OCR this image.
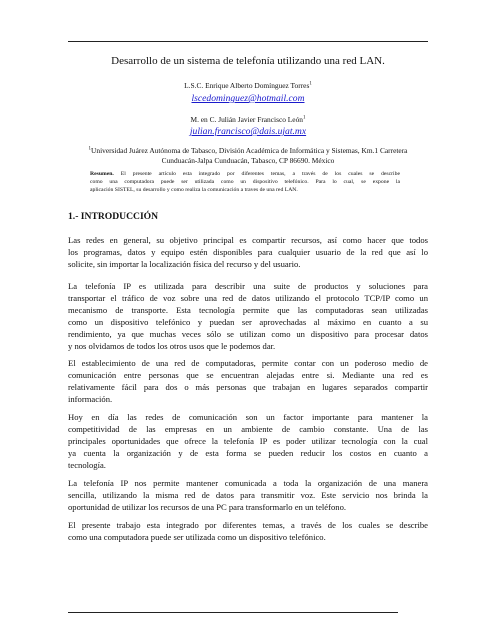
Desarrollo de un sistema de telefonía utilizando una red LAN.
L.S.C. Enrique Alberto Domínguez Torres$^1$
lscedominguez@hotmail.com
M. en C. Julián Javier Francisco León$^1$
julian.francisco@dais.ujat.mx
$^1$Universidad Juárez Autónoma de Tabasco, División Académica de Informática y Sistemas, Km.1 Carretera
Cunduacán-Jalpa Cunduacán, Tabasco, CP 86690. México
Resumen. El presente artículo esta integrado por diferentes temas, a través de los cuales se describe
como una computadora puede ser utilizada como un dispositivo telefónico. Para lo cual, se expone la
aplicación SISTEL, su desarrollo y como realiza la comunicación a traves de una red LAN.
1.- INTRODUCCIÓN
Las redes en general, su objetivo principal es compartir recursos, así como hacer que todos
los programas, datos y equipo estén disponibles para cualquier usuario de la red que así lo
solicite, sin importar la localización física del recurso y del usuario.
La telefonía IP es utilizada para describir una suite de productos y soluciones para
transportar el tráfico de voz sobre una red de datos utilizando el protocolo TCP/IP como un
mecanismo de transporte. Esta tecnología permite que las computadoras sean utilizadas
como un dispositivo telefónico y puedan ser aprovechadas al máximo en cuanto a su
rendimiento, ya que muchas veces sólo se utilizan como un dispositivo para procesar datos
y nos olvidamos de todos los otros usos que le podemos dar.
El establecimiento de una red de computadoras, permite contar con un poderoso medio de
comunicación entre personas que se encuentran alejadas entre si. Mediante una red es
relativamente fácil para dos o más personas que trabajan en lugares separados compartir
información.
Hoy en día las redes de comunicación son un factor importante para mantener la
competitividad de las empresas en un ambiente de cambio constante. Una de las
principales oportunidades que ofrece la telefonía IP es poder utilizar tecnología con la cual
ya cuenta la organización y de esta forma se pueden reducir los costos en cuanto a
tecnología.
La telefonía IP nos permite mantener comunicada a toda la organización de una manera
sencilla, utilizando la misma red de datos para transmitir voz. Este servicio nos brinda la
oportunidad de utilizar los recursos de una PC para transformarlo en un teléfono.
El presente trabajo esta integrado por diferentes temas, a través de los cuales se describe
como una computadora puede ser utilizada como un dispositivo telefónico.
